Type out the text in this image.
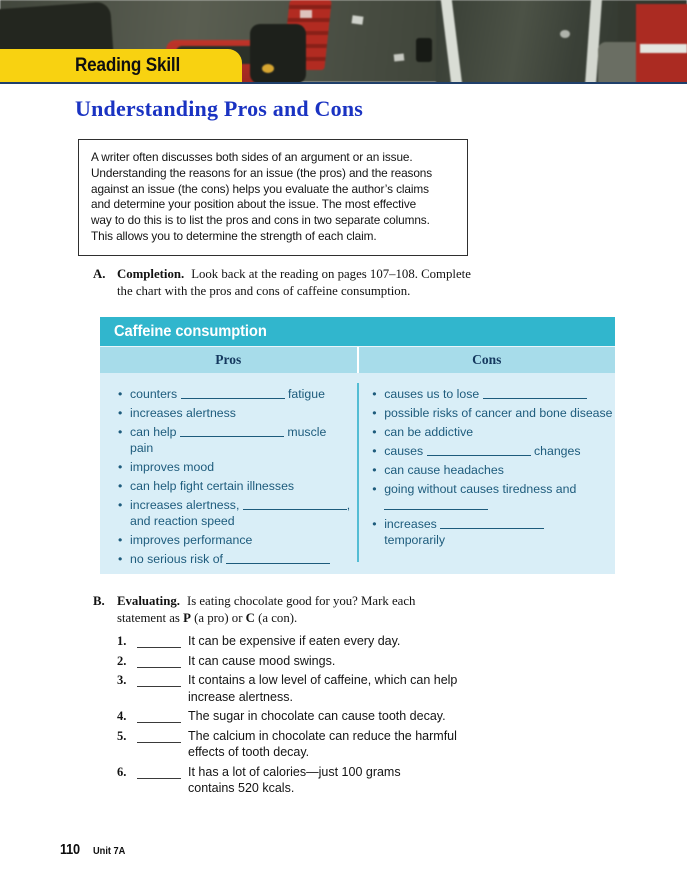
Reading Skill
Understanding Pros and Cons

A writer often discusses both sides of an argument or an issue.
Understanding the reasons for an issue (the pros) and the reasons
against an issue (the cons) helps you evaluate the author’s claims
and determine your position about the issue. The most effective
way to do this is to list the pros and cons in two separate columns.
This allows you to determine the strength of each claim.

A. Completion. Look back at the reading on pages 107–108. Complete
the chart with the pros and cons of caffeine consumption.
Caffeine consumption
Pros	Cons
• counters	fatigue
• increases alertness
• can help	muscle
pain
• improves mood
• can help fight certain illnesses
• increases alertness,	,
and reaction speed
• improves performance
• no serious risk of
• causes us to lose
• possible risks of cancer and bone disease
• can be addictive
• causes	changes
• can cause headaches
• going without causes tiredness and

• increases
temporarily
B. Evaluating. Is eating chocolate good for you? Mark each
statement as P (a pro) or C (a con).
1.	It can be expensive if eaten every day.
2.	It can cause mood swings.
3.	It contains a low level of caffeine, which can help
increase alertness.
4.	The sugar in chocolate can cause tooth decay.
5.	The calcium in chocolate can reduce the harmful
effects of tooth decay.
6.	It has a lot of calories—just 100 grams
contains 520 kcals.
110 Unit 7A
